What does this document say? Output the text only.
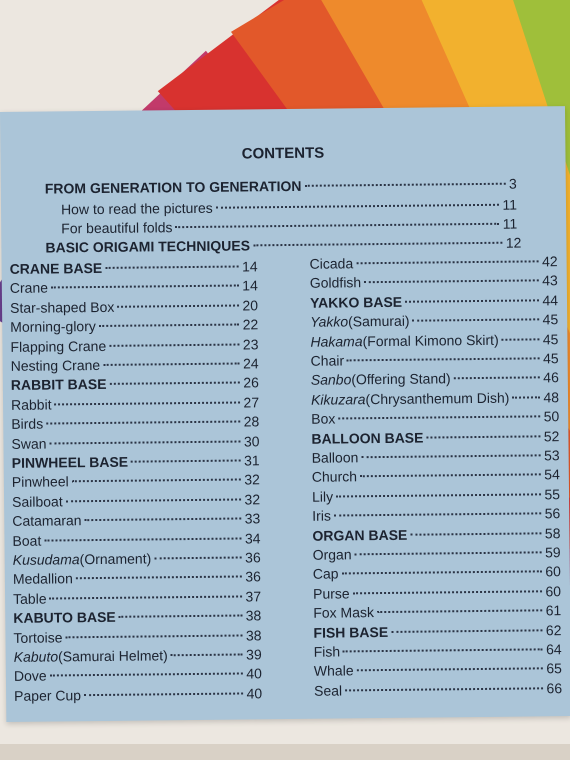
CONTENTS
FROM GENERATION TO GENERATION	3
How to read the pictures	11
For beautiful folds	11
BASIC ORIGAMI TECHNIQUES	12
CRANE BASE	14
Crane	14
Star-shaped Box	20
Morning-glory	22
Flapping Crane	23
Nesting Crane	24
RABBIT BASE	26
Rabbit	27
Birds	28
Swan	30
PINWHEEL BASE	31
Pinwheel	32
Sailboat	32
Catamaran	33
Boat	34
Kusudama(Ornament)	36
Medallion	36
Table	37
KABUTO BASE	38
Tortoise	38
Kabuto(Samurai Helmet)	39
Dove	40
Paper Cup	40
Cicada	42
Goldfish	43
YAKKO BASE	44
Yakko(Samurai)	45
Hakama(Formal Kimono Skirt)	45
Chair	45
Sanbo(Offering Stand)	46
Kikuzara(Chrysanthemum Dish) 48
Box	50
BALLOON BASE	52
Balloon	53
Church	54
Lily	55
Iris	56
ORGAN BASE	58
Organ	59
Cap	60
Purse	60
Fox Mask	61
FISH BASE	62
Fish	64
Whale	65
Seal	66
